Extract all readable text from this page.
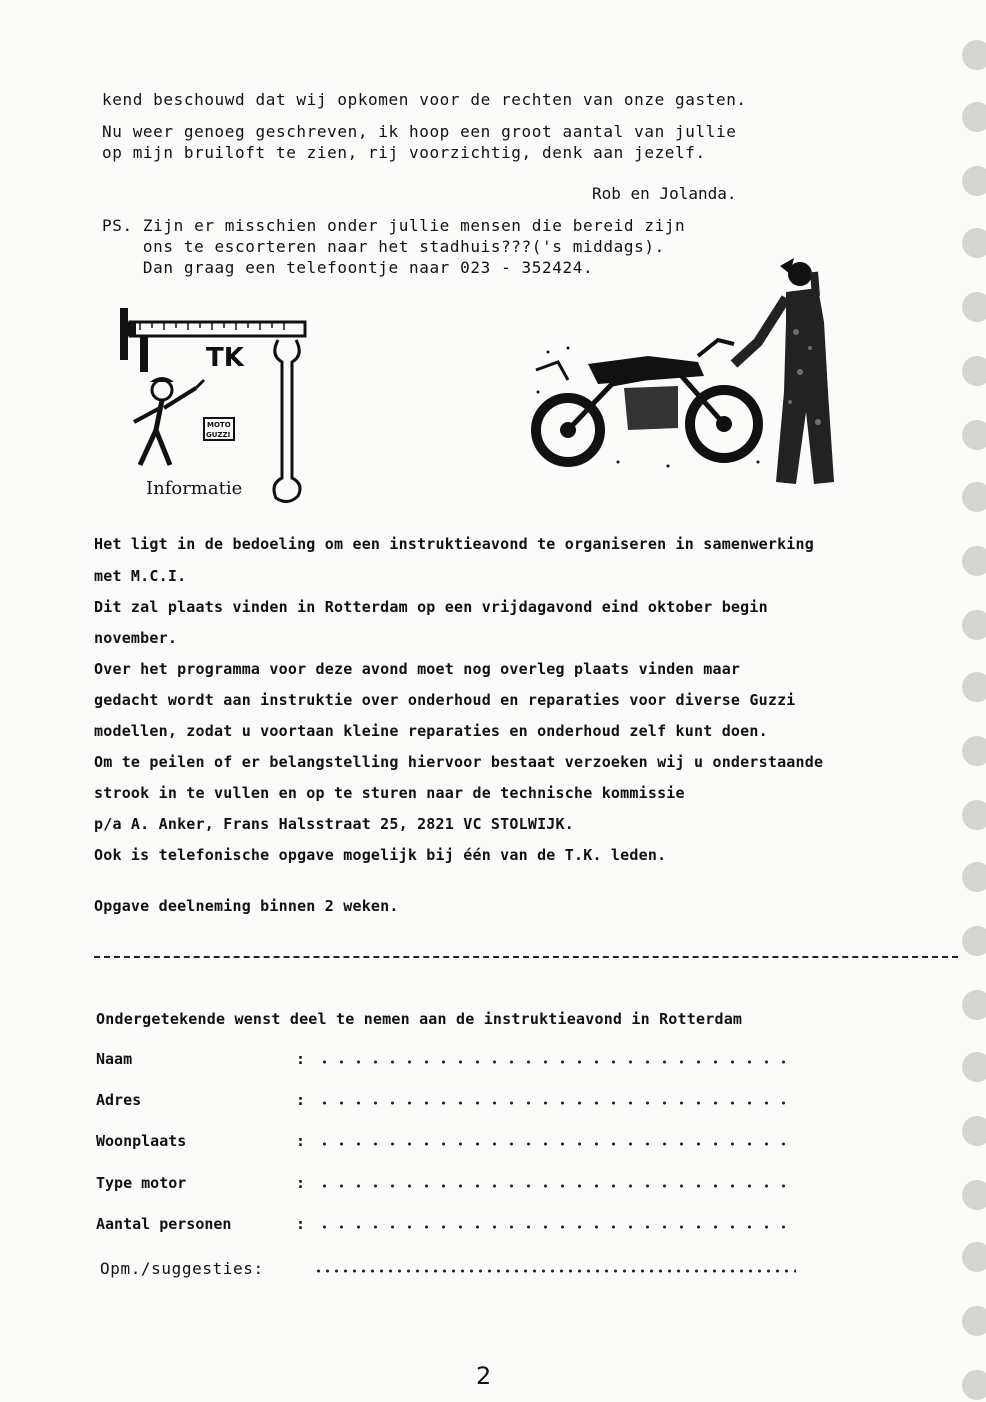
kend beschouwd dat wij opkomen voor de rechten van onze gasten.
Nu weer genoeg geschreven, ik hoop een groot aantal van jullie
op mijn bruiloft te zien, rij voorzichtig, denk aan jezelf.
Rob en Jolanda.
PS. Zijn er misschien onder jullie mensen die bereid zijn
ons te escorteren naar het stadhuis???('s middags).
Dan graag een telefoontje naar 023 - 352424.
TK
MOTO
GUZZI
Informatie
Het ligt in de bedoeling om een instruktieavond te organiseren in samenwerking
met M.C.I.
Dit zal plaats vinden in Rotterdam op een vrijdagavond eind oktober begin
november.
Over het programma voor deze avond moet nog overleg plaats vinden maar
gedacht wordt aan instruktie over onderhoud en reparaties voor diverse Guzzi
modellen, zodat u voortaan kleine reparaties en onderhoud zelf kunt doen.
Om te peilen of er belangstelling hiervoor bestaat verzoeken wij u onderstaande
strook in te vullen en op te sturen naar de technische kommissie
p/a A. Anker, Frans Halsstraat 25, 2821 VC STOLWIJK.
Ook is telefonische opgave mogelijk bij één van de T.K. leden.
Opgave deelneming binnen 2 weken.
Ondergetekende wenst deel te nemen aan de instruktieavond in Rotterdam
Naam	:
Adres	:
Woonplaats	:
Type motor	:
Aantal personen	:
Opm./suggesties:
2
